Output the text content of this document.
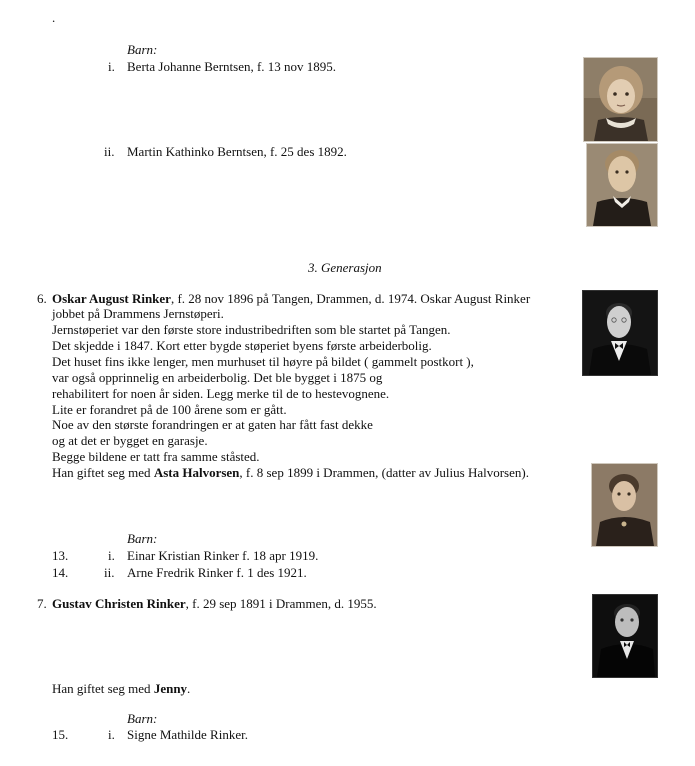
.
Barn:
i. Berta Johanne Berntsen, f. 13 nov 1895.
ii. Martin Kathinko Berntsen, f. 25 des 1892.
3. Generasjon
6. Oskar August Rinker, f. 28 nov 1896 på Tangen, Drammen, d. 1974. Oskar August Rinker
jobbet på Drammens Jernstøperi.
Jernstøperiet var den første store industribedriften som ble startet på Tangen.
Det skjedde i 1847. Kort etter bygde støperiet byens første arbeiderbolig.
Det huset fins ikke lenger, men murhuset til høyre på bildet ( gammelt postkort ),
var også opprinnelig en arbeiderbolig. Det ble bygget i 1875 og
rehabilitert for noen år siden. Legg merke til de to hestevognene.
Lite er forandret på de 100 årene som er gått.
Noe av den største forandringen er at gaten har fått fast dekke
og at det er bygget en garasje.
Begge bildene er tatt fra samme ståsted.
Han giftet seg med Asta Halvorsen, f. 8 sep 1899 i Drammen, (datter av Julius Halvorsen).
Barn:
13.	i. Einar Kristian Rinker f. 18 apr 1919.
14.	ii. Arne Fredrik Rinker f. 1 des 1921.
7. Gustav Christen Rinker, f. 29 sep 1891 i Drammen, d. 1955.
Han giftet seg med Jenny.
Barn:
15.	i. Signe Mathilde Rinker.
